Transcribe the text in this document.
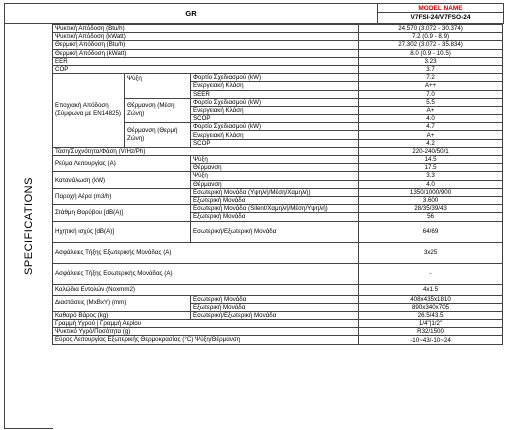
GR
MODEL NAME
V7FSI-24/V7FSO-24
SPECIFICATIONS
Ψυκτική Απόδοση (Btu/h)			24.570 (3.072 - 30.374)
Ψυκτική Απόδοση (kWatt)			7.2 (0.9 - 8.9)
Θερμική Απόδοση (Btu/h)			27.302 (3.072 - 35.834)
Θερμική Απόδοση (kWatt)			8.0 (0.9 - 10.5)
EER			3.23
COP			3.7
Εποχιακή Απόδοση (Σύμφωνα με EN14825)	Ψύξη	Φορτίο Σχεδιασμού (kW)	7.2
		Ενεργειακή Κλάση	A++
		SEER	7.0
	Θέρμανση (Μέση Ζώνη)	Φορτίο Σχεδιασμού (kW)	5.5
		Ενεργειακή Κλάση	A+
		SCOP	4.0
	Θέρμανση (Θερμή Ζώνη)	Φορτίο Σχεδιασμού (kW)	4.7
		Ενεργειακή Κλάση	A+
		SCOP	4.2
Τάση/Συχνότητα/Φάση (V/Hz/Ph)			220-240/50/1
Ρεύμα Λειτουργίας (A)		Ψύξη	14.5
		Θέρμανση	17.5
Κατανάλωση (kW)		Ψύξη	3.3
		Θέρμανση	4.0
Παροχή Αέρα (m3/h)		Εσωτερική Μονάδα (Υψηλή/Μέση/Χαμηλή)	1350/1000/900
		Εξωτερική Μονάδα	3.600
Στάθμη Θορύβου [dB(A)]		Εσωτερική Μονάδα (Silent/Χαμηλή/Μέση/Υψηλή)	28/35/39/43
		Εξωτερική Μονάδα	56
Ηχητική ισχύς [dB(A)]		Εσωτερική/Εξωτερική Μονάδα	64/69
Ασφάλειες Τήξης Εξωτερικής Μονάδας (A)			3x25
Ασφάλειες Τήξης Εσωτερικής Μονάδας (A)			-
Καλώδια Εντολών (Νοxmm2)			4x1.5
Διαστάσεις (ΜxΒxΥ) (mm)		Εσωτερική Μονάδα	408x435x1810
		Εξωτερική Μονάδα	890x340x705
Καθαρό Βάρος (kg)		Εσωτερική/Εξωτερική Μονάδα	26.5/43.5
Γραμμή Υγρού | Γραμμή Αερίου			1/4"|1/2"
Ψυκτικό Υγρό/Ποσότητα (g)			R32/1500
Εύρος Λειτουργίας Εξωτερικής Θερμοκρασίας (°C) Ψύξη/Θέρμανση			-10~43/-10~24
